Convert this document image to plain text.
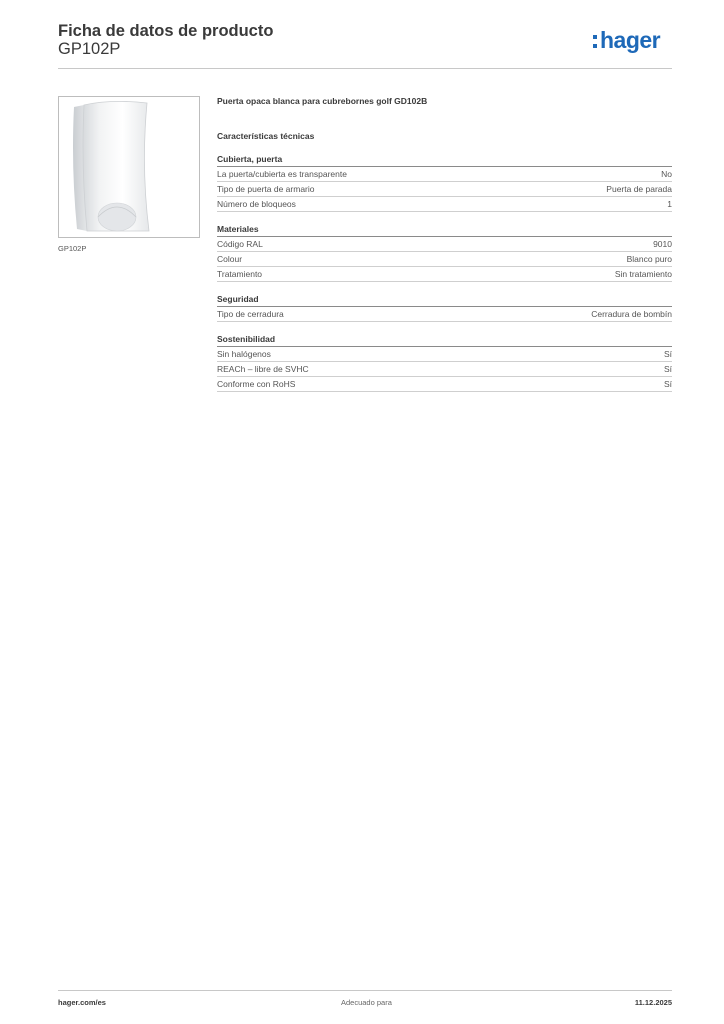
Ficha de datos de producto
GP102P	hager
GP102P
Puerta opaca blanca para cubrebornes golf GD102B
Características técnicas
Cubierta, puerta
La puerta/cubierta es transparente	No
Tipo de puerta de armario	Puerta de parada
Número de bloqueos	1
Materiales
Código RAL	9010
Colour	Blanco puro
Tratamiento	Sin tratamiento
Seguridad
Tipo de cerradura	Cerradura de bombín
Sostenibilidad
Sin halógenos	Sí
REACh – libre de SVHC	Sí
Conforme con RoHS	Sí
hager.com/es	Adecuado para	11.12.2025
